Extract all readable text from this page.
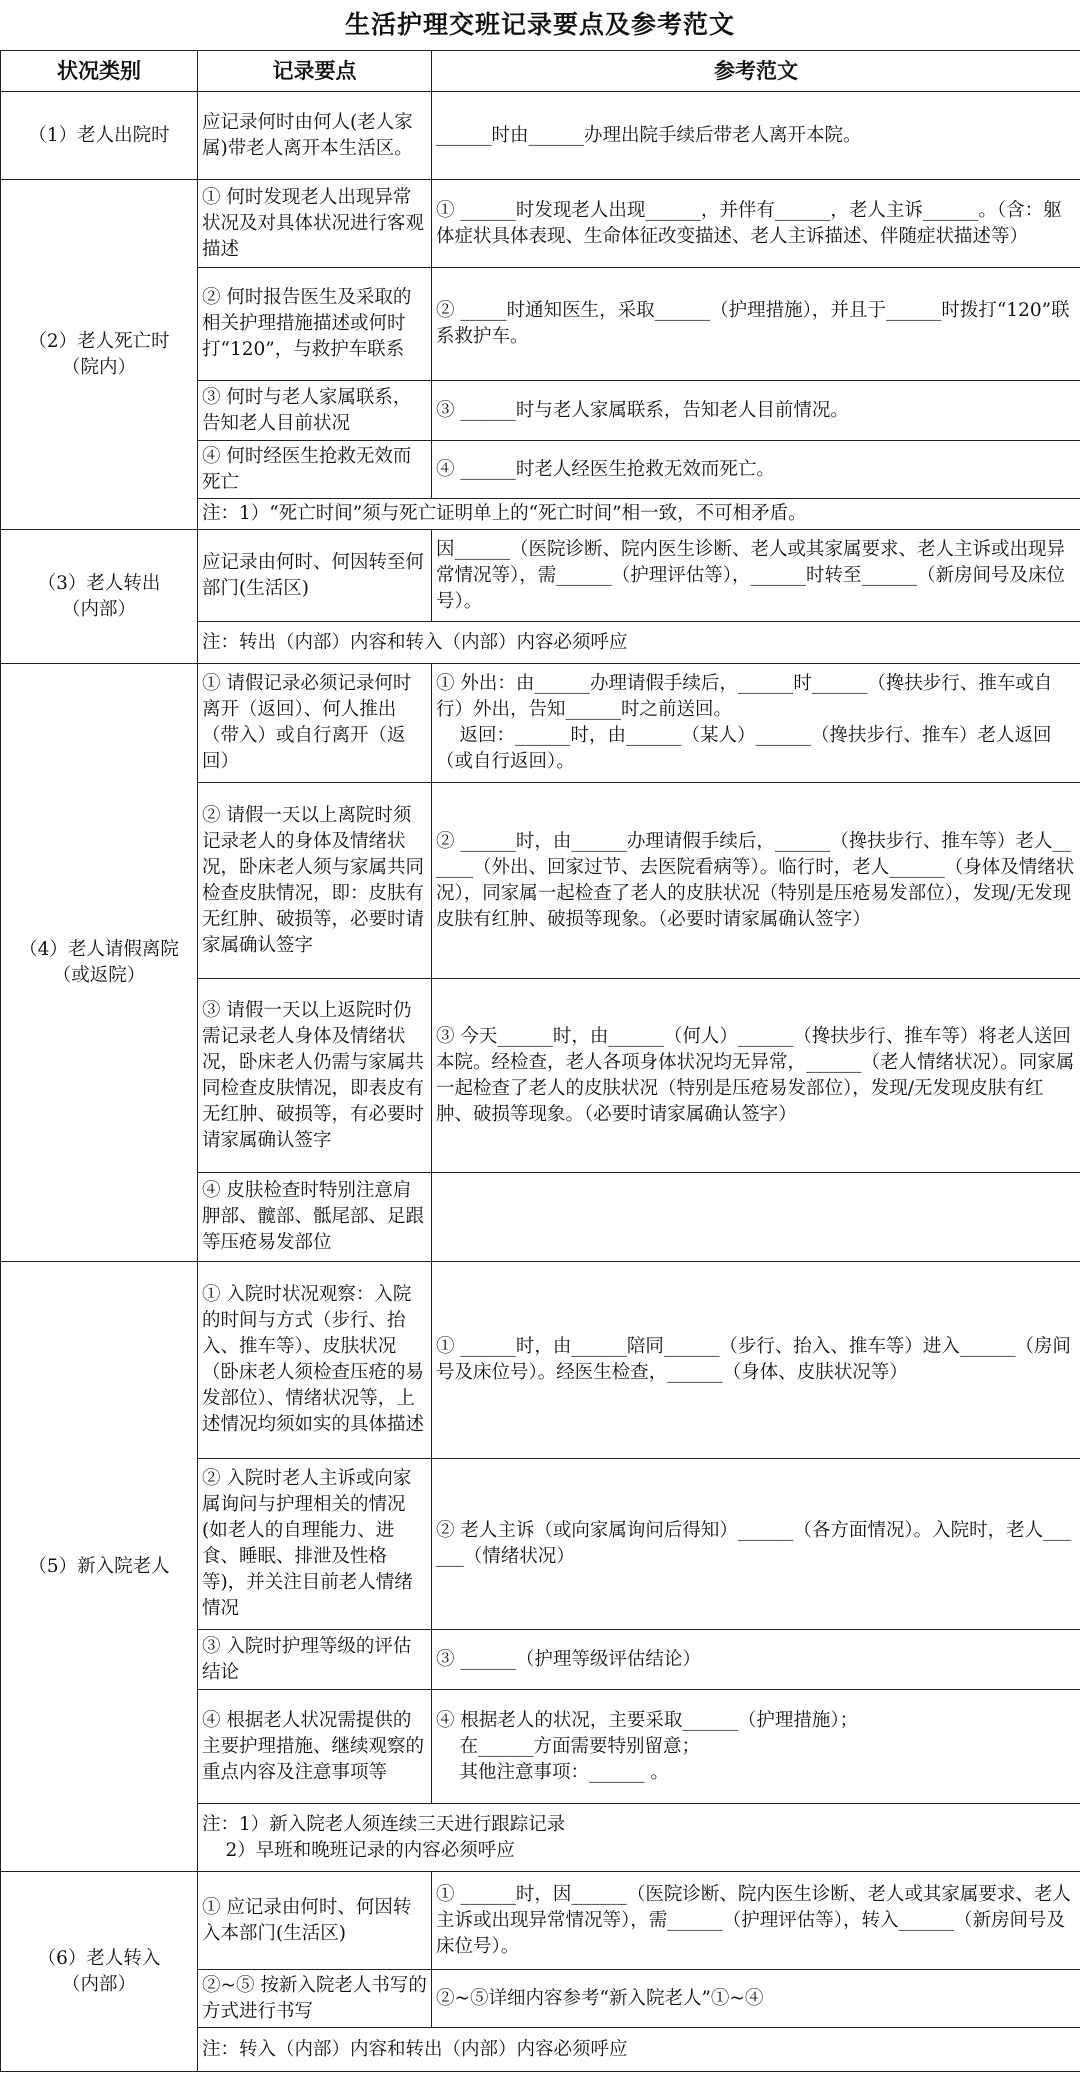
生活护理交班记录要点及参考范文
状况类别	记录要点	参考范文
（1）老人出院时	应记录何时由何人(老人家属)带老人离开本生活区。	______时由______办理出院手续后带老人离开本院。
（2）老人死亡时
（院内）	① 何时发现老人出现异常状况及对具体状况进行客观描述	① ______时发现老人出现______，并伴有______，老人主诉______。（含：躯体症状具体表现、生命体征改变描述、老人主诉描述、伴随症状描述等）
	② 何时报告医生及采取的相关护理措施描述或何时打“120”，与救护车联系	② _____时通知医生，采取______（护理措施），并且于______时拨打“120”联系救护车。
	③ 何时与老人家属联系，告知老人目前状况	③ ______时与老人家属联系，告知老人目前情况。
	④ 何时经医生抢救无效而死亡	④ ______时老人经医生抢救无效而死亡。
	注：1）“死亡时间”须与死亡证明单上的“死亡时间”相一致，不可相矛盾。	
（3）老人转出
（内部）	应记录由何时、何因转至何部门(生活区)	因______（医院诊断、院内医生诊断、老人或其家属要求、老人主诉或出现异常情况等），需______（护理评估等），______时转至______（新房间号及床位号）。
	注：转出（内部）内容和转入（内部）内容必须呼应	
（4）老人请假离院
（或返院）	① 请假记录必须记录何时离开（返回）、何人推出（带入）或自行离开（返回）	① 外出：由______办理请假手续后，______时______（搀扶步行、推车或自行）外出，告知______时之前送回。
返回：______时，由______（某人）______（搀扶步行、推车）老人返回（或自行返回）。
	② 请假一天以上离院时须记录老人的身体及情绪状况，卧床老人须与家属共同检查皮肤情况，即：皮肤有无红肿、破损等，必要时请家属确认签字	② ______时，由______办理请假手续后，______（搀扶步行、推车等）老人______（外出、回家过节、去医院看病等）。临行时，老人______（身体及情绪状况），同家属一起检查了老人的皮肤状况（特别是压疮易发部位），发现/无发现皮肤有红肿、破损等现象。（必要时请家属确认签字）
	③ 请假一天以上返院时仍需记录老人身体及情绪状况，卧床老人仍需与家属共同检查皮肤情况，即表皮有无红肿、破损等，有必要时请家属确认签字	③ 今天______时，由______（何人）______（搀扶步行、推车等）将老人送回本院。经检查，老人各项身体状况均无异常，______（老人情绪状况）。同家属一起检查了老人的皮肤状况（特别是压疮易发部位），发现/无发现皮肤有红肿、破损等现象。（必要时请家属确认签字）
	④ 皮肤检查时特别注意肩胛部、髋部、骶尾部、足跟等压疮易发部位	
（5）新入院老人	① 入院时状况观察：入院的时间与方式（步行、抬入、推车等）、皮肤状况（卧床老人须检查压疮的易发部位）、情绪状况等，上述情况均须如实的具体描述	① ______时，由______陪同______（步行、抬入、推车等）进入______（房间号及床位号）。经医生检查，______（身体、皮肤状况等）
	② 入院时老人主诉或向家属询问与护理相关的情况(如老人的自理能力、进食、睡眠、排泄及性格等)，并关注目前老人情绪情况	② 老人主诉（或向家属询问后得知）______（各方面情况）。入院时，老人______（情绪状况）
	③ 入院时护理等级的评估结论	③ ______（护理等级评估结论）
	④ 根据老人状况需提供的主要护理措施、继续观察的重点内容及注意事项等	④ 根据老人的状况，主要采取______（护理措施）；
在______方面需要特别留意；
其他注意事项：______ 。
	注：1）新入院老人须连续三天进行跟踪记录
2）早班和晚班记录的内容必须呼应	
（6）老人转入
（内部）	① 应记录由何时、何因转入本部门(生活区)	① ______时，因______（医院诊断、院内医生诊断、老人或其家属要求、老人主诉或出现异常情况等），需______（护理评估等），转入______（新房间号及床位号）。
	②~⑤ 按新入院老人书写的方式进行书写	②~⑤详细内容参考“新入院老人”①~④
	注：转入（内部）内容和转出（内部）内容必须呼应	
